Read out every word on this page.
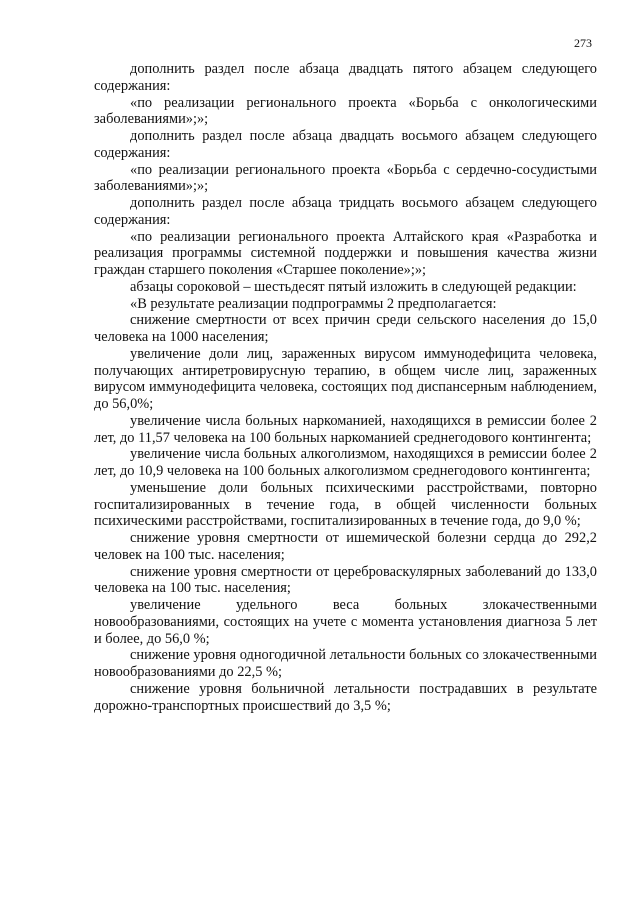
273

дополнить раздел после абзаца двадцать пятого абзацем следующего содержания:

«по реализации регионального проекта «Борьба с онкологическими заболеваниями»;»;

дополнить раздел после абзаца двадцать восьмого абзацем следующего содержания:

«по реализации регионального проекта «Борьба с сердечно-сосудистыми заболеваниями»;»;

дополнить раздел после абзаца тридцать восьмого абзацем следующего содержания:

«по реализации регионального проекта Алтайского края «Разработка и реализация программы системной поддержки и повышения качества жизни граждан старшего поколения «Старшее поколение»;»;

абзацы сороковой – шестьдесят пятый изложить в следующей редакции:

«В результате реализации подпрограммы 2 предполагается:

снижение смертности от всех причин среди сельского населения до 15,0 человека на 1000 населения;

увеличение доли лиц, зараженных вирусом иммунодефицита человека, получающих антиретровирусную терапию, в общем числе лиц, зараженных вирусом иммунодефицита человека, состоящих под диспансерным наблюдением, до 56,0%;

увеличение числа больных наркоманией, находящихся в ремиссии более 2 лет, до 11,57 человека на 100 больных наркоманией среднегодового контингента;

увеличение числа больных алкоголизмом, находящихся в ремиссии более 2 лет, до 10,9 человека на 100 больных алкоголизмом среднегодового контингента;

уменьшение доли больных психическими расстройствами, повторно госпитализированных в течение года, в общей численности больных психическими расстройствами, госпитализированных в течение года, до 9,0 %;

снижение уровня смертности от ишемической болезни сердца до 292,2 человек на 100 тыс. населения;

снижение уровня смертности от цереброваскулярных заболеваний до 133,0 человека на 100 тыс. населения;

увеличение удельного веса больных злокачественными новообразованиями, состоящих на учете с момента установления диагноза 5 лет и более, до 56,0 %;

снижение уровня одногодичной летальности больных со злокачественными новообразованиями до 22,5 %;

снижение уровня больничной летальности пострадавших в результате дорожно-транспортных происшествий до 3,5 %;
